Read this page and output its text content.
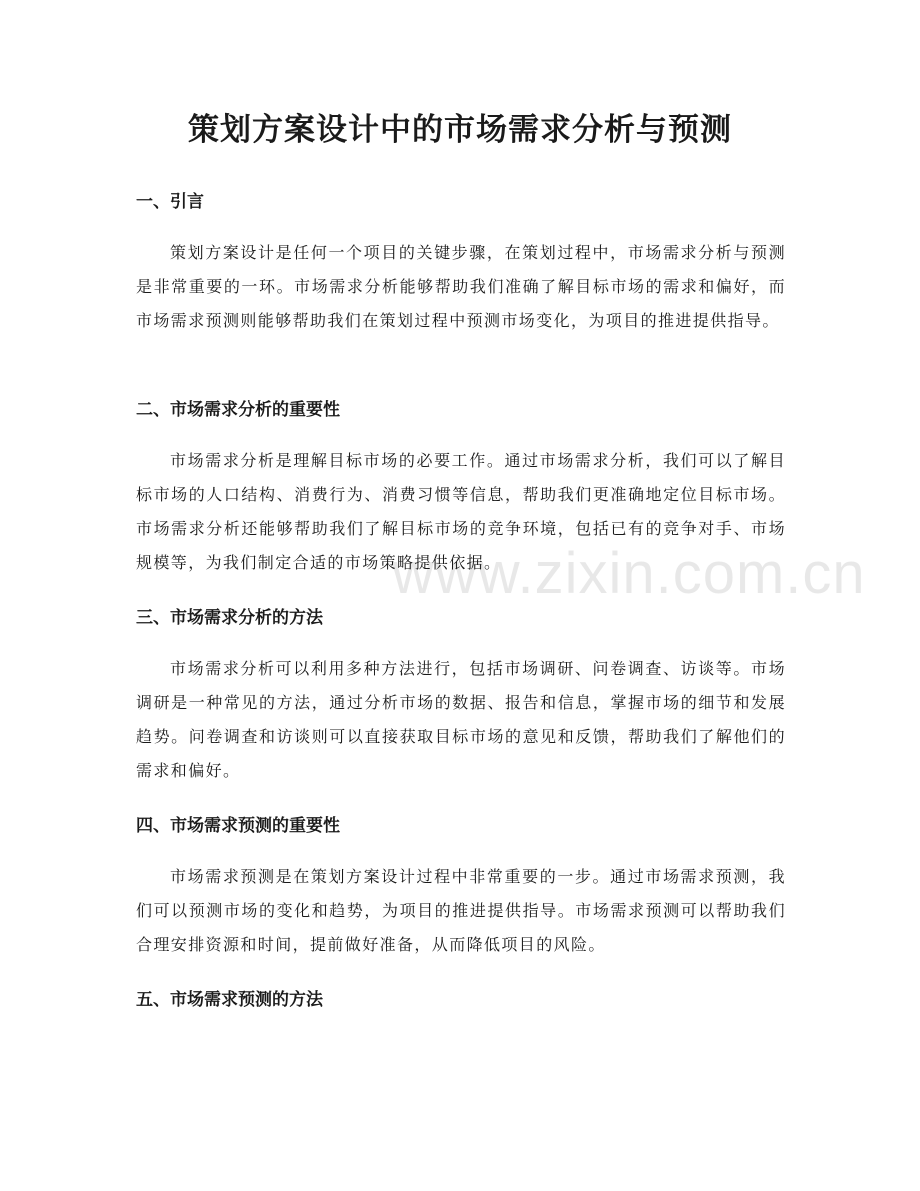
策划方案设计中的市场需求分析与预测
一、引言

策划方案设计是任何一个项目的关键步骤，在策划过程中，市场需求分析与预测是非常重要的一环。市场需求分析能够帮助我们准确了解目标市场的需求和偏好，而市场需求预测则能够帮助我们在策划过程中预测市场变化，为项目的推进提供指导。

二、市场需求分析的重要性

市场需求分析是理解目标市场的必要工作。通过市场需求分析，我们可以了解目标市场的人口结构、消费行为、消费习惯等信息，帮助我们更准确地定位目标市场。市场需求分析还能够帮助我们了解目标市场的竞争环境，包括已有的竞争对手、市场规模等，为我们制定合适的市场策略提供依据。

三、市场需求分析的方法

市场需求分析可以利用多种方法进行，包括市场调研、问卷调查、访谈等。市场调研是一种常见的方法，通过分析市场的数据、报告和信息，掌握市场的细节和发展趋势。问卷调查和访谈则可以直接获取目标市场的意见和反馈，帮助我们了解他们的需求和偏好。

四、市场需求预测的重要性

市场需求预测是在策划方案设计过程中非常重要的一步。通过市场需求预测，我们可以预测市场的变化和趋势，为项目的推进提供指导。市场需求预测可以帮助我们合理安排资源和时间，提前做好准备，从而降低项目的风险。

五、市场需求预测的方法
www.zixin.com.cn
